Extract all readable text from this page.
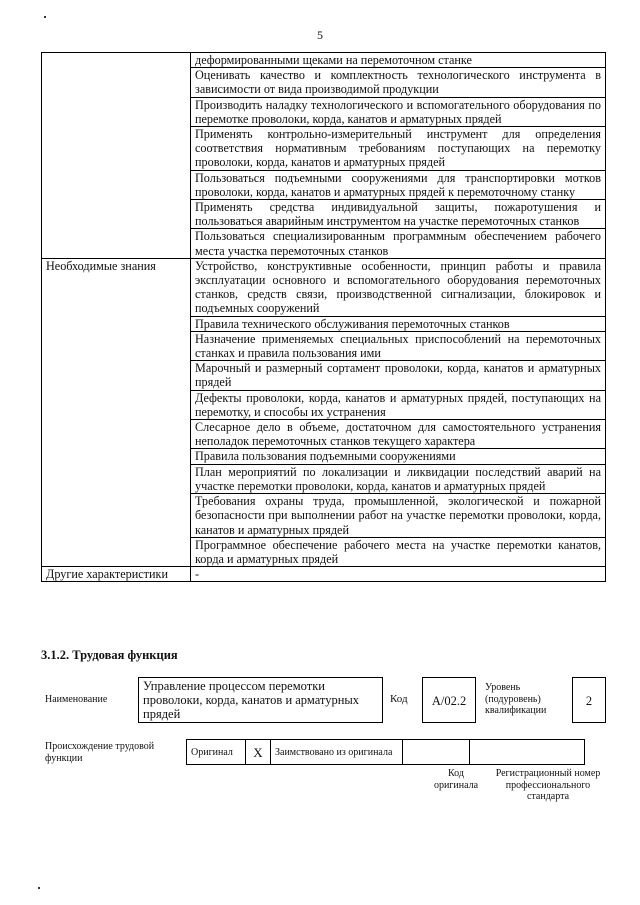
5
	деформированными щеками на перемоточном станке
	Оценивать качество и комплектность технологического инструмента в зависимости от вида производимой продукции
	Производить наладку технологического и вспомогательного оборудования по перемотке проволоки, корда, канатов и арматурных прядей
	Применять контрольно-измерительный инструмент для определения соответствия нормативным требованиям поступающих на перемотку проволоки, корда, канатов и арматурных прядей
	Пользоваться подъемными сооружениями для транспортировки мотков проволоки, корда, канатов и арматурных прядей к перемоточному станку
	Применять средства индивидуальной защиты, пожаротушения и пользоваться аварийным инструментом на участке перемоточных станков
	Пользоваться специализированным программным обеспечением рабочего места участка перемоточных станков
Необходимые знания	Устройство, конструктивные особенности, принцип работы и правила эксплуатации основного и вспомогательного оборудования перемоточных станков, средств связи, производственной сигнализации, блокировок и подъемных сооружений
	Правила технического обслуживания перемоточных станков
	Назначение применяемых специальных приспособлений на перемоточных станках и правила пользования ими
	Марочный и размерный сортамент проволоки, корда, канатов и арматурных прядей
	Дефекты проволоки, корда, канатов и арматурных прядей, поступающих на перемотку, и способы их устранения
	Слесарное дело в объеме, достаточном для самостоятельного устранения неполадок перемоточных станков текущего характера
	Правила пользования подъемными сооружениями
	План мероприятий по локализации и ликвидации последствий аварий на участке перемотки проволоки, корда, канатов и арматурных прядей
	Требования охраны труда, промышленной, экологической и пожарной безопасности при выполнении работ на участке перемотки проволоки, корда, канатов и арматурных прядей
	Программное обеспечение рабочего места на участке перемотки канатов, корда и арматурных прядей
Другие характеристики	-
3.1.2. Трудовая функция
Наименование
Управление процессом перемотки проволоки, корда, канатов и арматурных прядей
Код	А/02.2
Уровень (подуровень) квалификации
2
Происхождение трудовой функции
Оригинал	X	Заимствовано из оригинала		
Код оригинала
Регистрационный номер профессионального стандарта
